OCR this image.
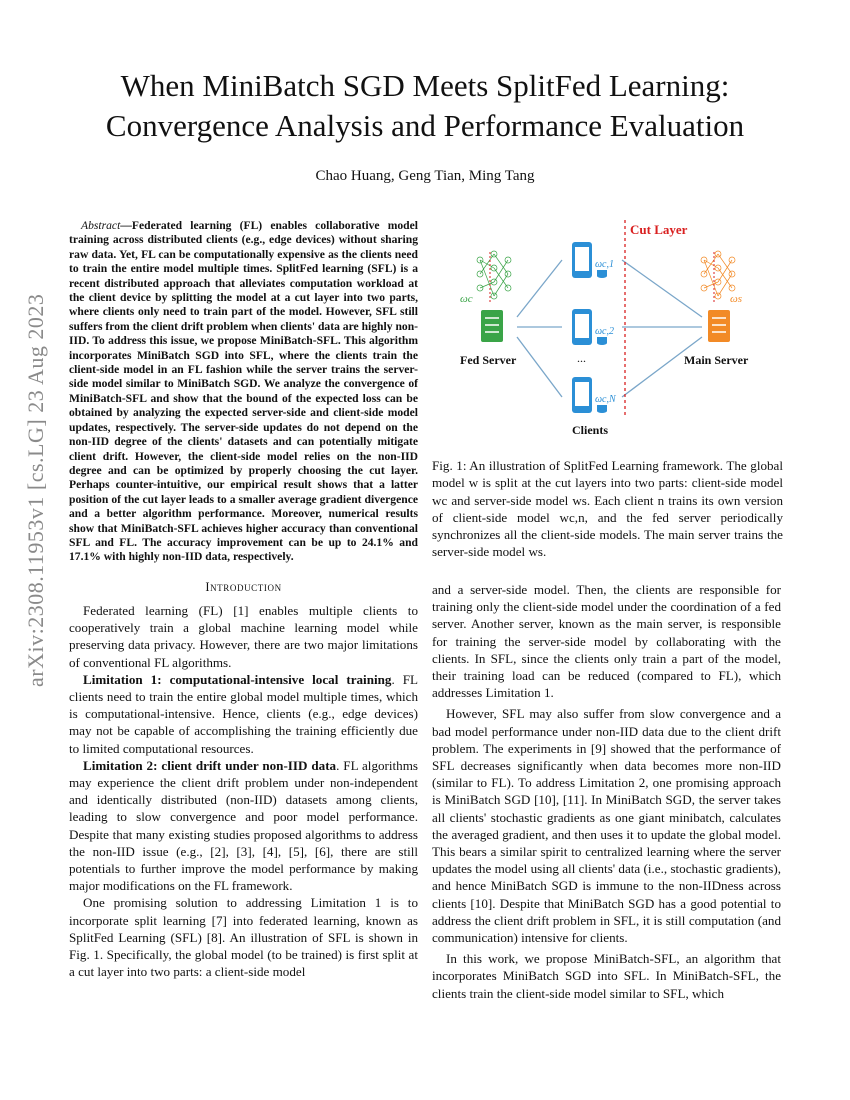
arXiv:2308.11953v1 [cs.LG] 23 Aug 2023
When MiniBatch SGD Meets SplitFed Learning:
Convergence Analysis and Performance Evaluation
Chao Huang, Geng Tian, Ming Tang

Abstract—Federated learning (FL) enables collaborative model training across distributed clients (e.g., edge devices) without sharing raw data. Yet, FL can be computationally expensive as the clients need to train the entire model multiple times. SplitFed learning (SFL) is a recent distributed approach that alleviates computation workload at the client device by splitting the model at a cut layer into two parts, where clients only need to train part of the model. However, SFL still suffers from the client drift problem when clients' data are highly non-IID. To address this issue, we propose MiniBatch-SFL. This algorithm incorporates MiniBatch SGD into SFL, where the clients train the client-side model in an FL fashion while the server trains the server-side model similar to MiniBatch SGD. We analyze the convergence of MiniBatch-SFL and show that the bound of the expected loss can be obtained by analyzing the expected server-side and client-side model updates, respectively. The server-side updates do not depend on the non-IID degree of the clients' datasets and can potentially mitigate client drift. However, the client-side model relies on the non-IID degree and can be optimized by properly choosing the cut layer. Perhaps counter-intuitive, our empirical result shows that a latter position of the cut layer leads to a smaller average gradient divergence and a better algorithm performance. Moreover, numerical results show that MiniBatch-SFL achieves higher accuracy than conventional SFL and FL. The accuracy improvement can be up to 24.1% and 17.1% with highly non-IID data, respectively.

Introduction

Federated learning (FL) [1] enables multiple clients to cooperatively train a global machine learning model while preserving data privacy. However, there are two major limitations of conventional FL algorithms.

Limitation 1: computational-intensive local training. FL clients need to train the entire global model multiple times, which is computational-intensive. Hence, clients (e.g., edge devices) may not be capable of accomplishing the training efficiently due to limited computational resources.

Limitation 2: client drift under non-IID data. FL algorithms may experience the client drift problem under non-independent and identically distributed (non-IID) datasets among clients, leading to slow convergence and poor model performance. Despite that many existing studies proposed algorithms to address the non-IID issue (e.g., [2], [3], [4], [5], [6], there are still potentials to further improve the model performance by making major modifications on the FL framework.

One promising solution to addressing Limitation 1 is to incorporate split learning [7] into federated learning, known as SplitFed Learning (SFL) [8]. An illustration of SFL is shown in Fig. 1. Specifically, the global model (to be trained) is first split at a cut layer into two parts: a client-side model

Cut Layer
ωc
Fed Server
ωc,1
ωc,2
...
ωc,N
Clients
ωs
Main Server

Fig. 1: An illustration of SplitFed Learning framework. The global model w is split at the cut layers into two parts: client-side model wc and server-side model ws. Each client n trains its own version of client-side model wc,n, and the fed server periodically synchronizes all the client-side models. The main server trains the server-side model ws.

and a server-side model. Then, the clients are responsible for training only the client-side model under the coordination of a fed server. Another server, known as the main server, is responsible for training the server-side model by collaborating with the clients. In SFL, since the clients only train a part of the model, their training load can be reduced (compared to FL), which addresses Limitation 1.

However, SFL may also suffer from slow convergence and a bad model performance under non-IID data due to the client drift problem. The experiments in [9] showed that the performance of SFL decreases significantly when data becomes more non-IID (similar to FL). To address Limitation 2, one promising approach is MiniBatch SGD [10], [11]. In MiniBatch SGD, the server takes all clients' stochastic gradients as one giant minibatch, calculates the averaged gradient, and then uses it to update the global model. This bears a similar spirit to centralized learning where the server updates the model using all clients' data (i.e., stochastic gradients), and hence MiniBatch SGD is immune to the non-IIDness across clients [10]. Despite that MiniBatch SGD has a good potential to address the client drift problem in SFL, it is still computation (and communication) intensive for clients.

In this work, we propose MiniBatch-SFL, an algorithm that incorporates MiniBatch SGD into SFL. In MiniBatch-SFL, the clients train the client-side model similar to SFL, which
